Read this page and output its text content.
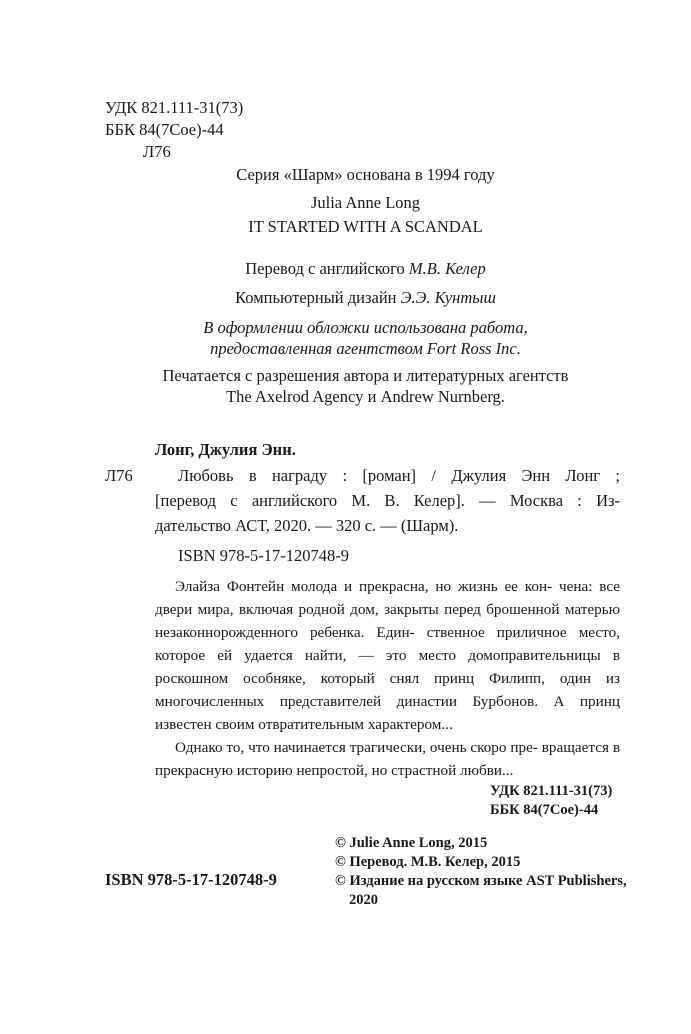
УДК 821.111-31(73)
ББК 84(7Сое)-44
Л76
Серия «Шарм» основана в 1994 году
Julia Anne Long
IT STARTED WITH A SCANDAL
Перевод с английского М.В. Келер
Компьютерный дизайн Э.Э. Кунтыш
В оформлении обложки использована работа,
предоставленная агентством Fort Ross Inc.
Печатается с разрешения автора и литературных агентств
The Axelrod Agency и Andrew Nurnberg.
Лонг, Джулия Энн.
Л76	Любовь в награду : [роман] / Джулия Энн Лонг ;
[перевод с английского М. В. Келер]. — Москва : Из-
дательство АСТ, 2020. — 320 с. — (Шарм).
ISBN 978-5-17-120748-9

Элайза Фонтейн молода и прекрасна, но жизнь ее кон- чена: все двери мира, включая родной дом, закрыты перед брошенной матерью незаконнорожденного ребенка. Един- ственное приличное место, которое ей удается найти, — это место домоправительницы в роскошном особняке, который снял принц Филипп, один из многочисленных представителей династии Бурбонов. А принц известен своим отвратительным характером...

Однако то, что начинается трагически, очень скоро пре- вращается в прекрасную историю непростой, но страстной любви...

УДК 821.111-31(73)
ББК 84(7Сое)-44
© Julie Anne Long, 2015
© Перевод. М.В. Келер, 2015
© Издание на русском языке AST Publishers,
2020
ISBN 978-5-17-120748-9
